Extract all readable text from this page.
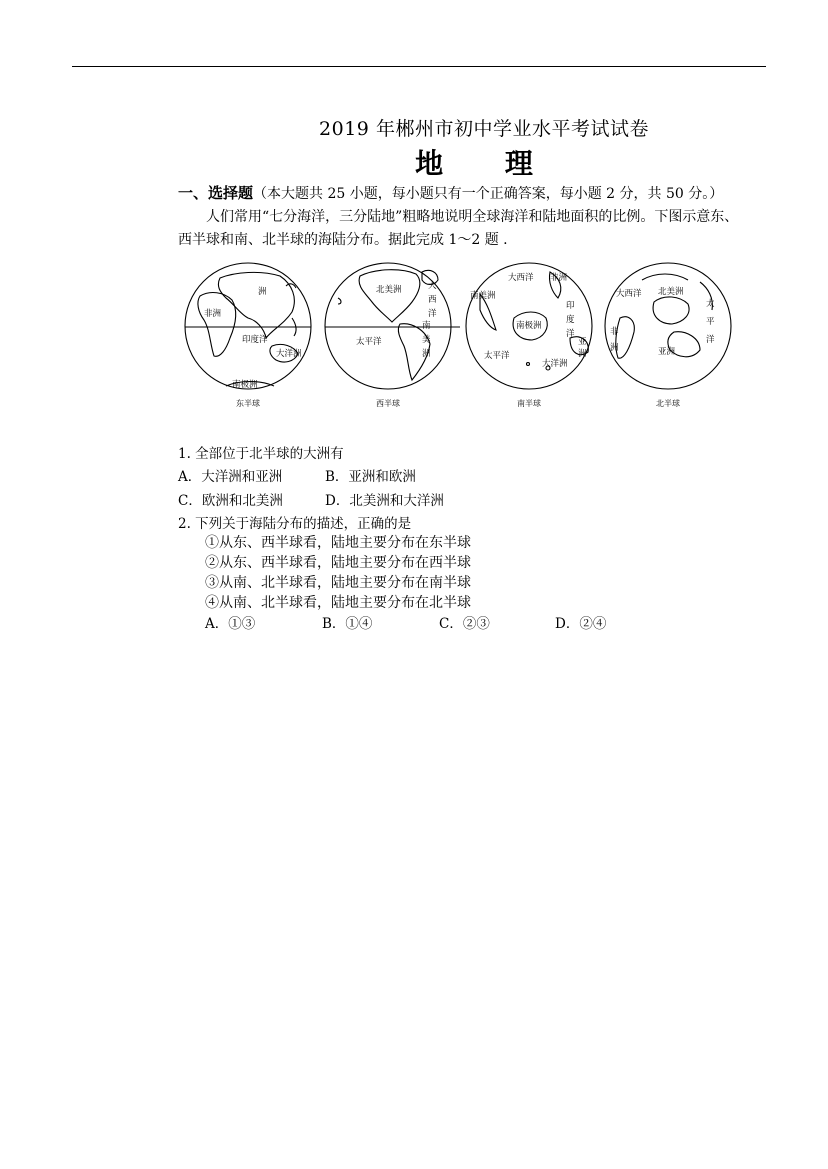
2019 年郴州市初中学业水平考试试卷
地 理
一、选择题（本大题共 25 小题，每小题只有一个正确答案，每小题 2 分，共 50 分。）
人们常用“七分海洋，三分陆地”粗略地说明全球海洋和陆地面积的比例。下图示意东、
西半球和南、北半球的海陆分布。据此完成 1～2 题 .
洲
非洲
印度洋
大洋洲
南极洲
北美洲	大
西
洋
太平洋
南
美
洲
大西洋 非洲
南美洲
南极洲
印
度
洋
太平洋
大洋洲
亚
洲
大西洋 北美洲
太
平
洋
非
洲	亚洲
东半球	西半球	南半球	北半球
1. 全部位于北半球的大洲有
A．大洋洲和亚洲	B．亚洲和欧洲
C．欧洲和北美洲	D．北美洲和大洋洲
2. 下列关于海陆分布的描述，正确的是
①从东、西半球看，陆地主要分布在东半球
②从东、西半球看，陆地主要分布在西半球
③从南、北半球看，陆地主要分布在南半球
④从南、北半球看，陆地主要分布在北半球
A．①③	B．①④	C．②③	D．②④
